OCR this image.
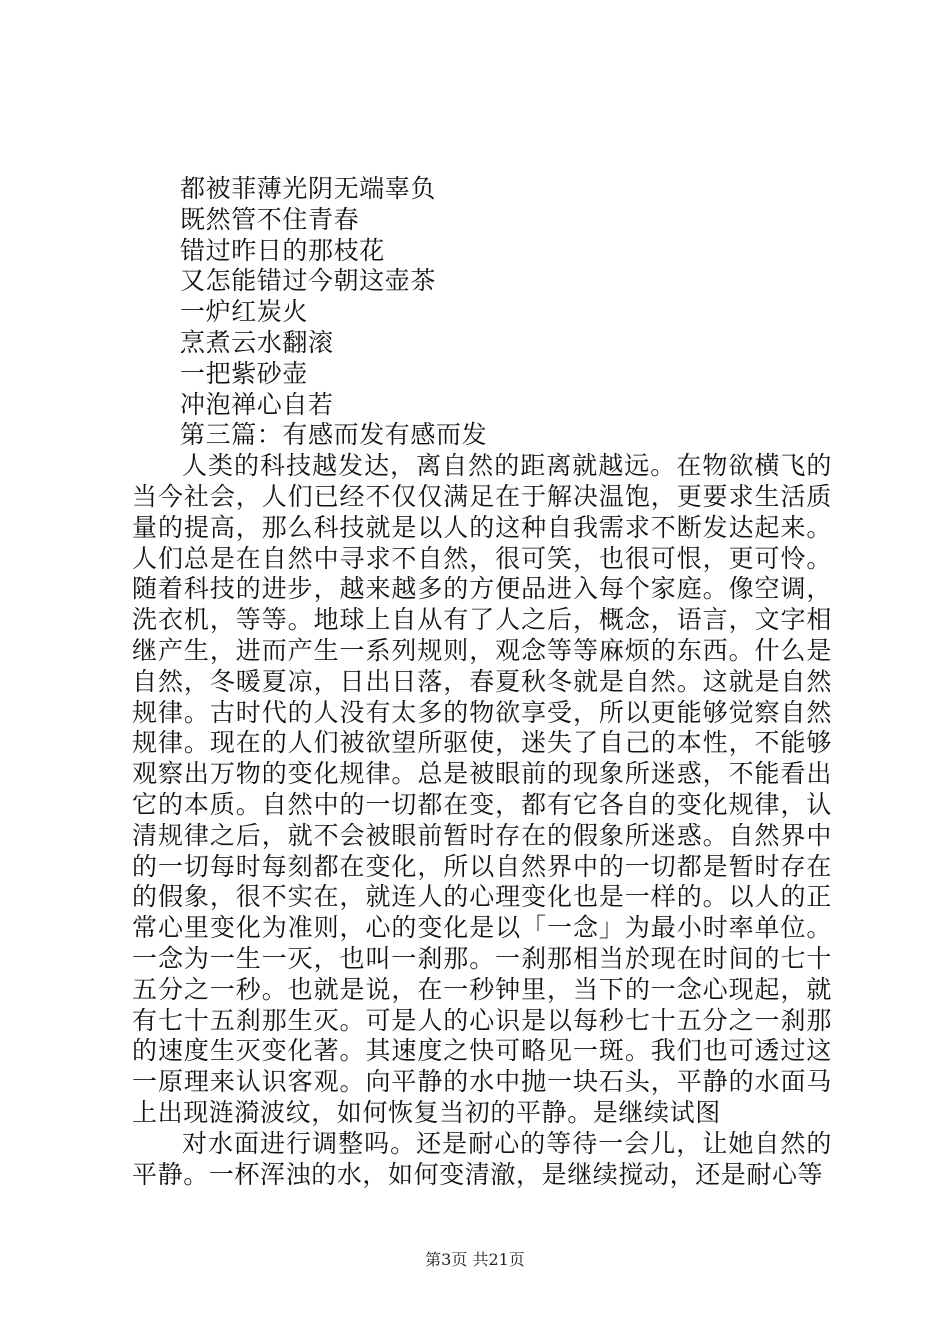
都被菲薄光阴无端辜负
既然管不住青春
错过昨日的那枝花
又怎能错过今朝这壶茶
一炉红炭火
烹煮云水翻滚
一把紫砂壶
冲泡禅心自若
第三篇：有感而发有感而发

人类的科技越发达，离自然的距离就越远。在物欲横飞的当今社会，人们已经不仅仅满足在于解决温饱，更要求生活质量的提高，那么科技就是以人的这种自我需求不断发达起来。人们总是在自然中寻求不自然，很可笑，也很可恨，更可怜。随着科技的进步，越来越多的方便品进入每个家庭。像空调，洗衣机，等等。地球上自从有了人之后，概念，语言，文字相继产生，进而产生一系列规则，观念等等麻烦的东西。什么是自然，冬暖夏凉，日出日落，春夏秋冬就是自然。这就是自然规律。古时代的人没有太多的物欲享受，所以更能够觉察自然规律。现在的人们被欲望所驱使，迷失了自己的本性，不能够观察出万物的变化规律。总是被眼前的现象所迷惑，不能看出它的本质。自然中的一切都在变，都有它各自的变化规律，认清规律之后，就不会被眼前暂时存在的假象所迷惑。自然界中的一切每时每刻都在变化，所以自然界中的一切都是暂时存在的假象，很不实在，就连人的心理变化也是一样的。以人的正常心里变化为准则，心的变化是以「一念」为最小时率单位。一念为一生一灭，也叫一刹那。一刹那相当於现在时间的七十五分之一秒。也就是说，在一秒钟里，当下的一念心现起，就有七十五刹那生灭。可是人的心识是以每秒七十五分之一刹那的速度生灭变化著。其速度之快可略见一斑。我们也可透过这一原理来认识客观。向平静的水中抛一块石头，平静的水面马上出现涟漪波纹，如何恢复当初的平静。是继续试图

对水面进行调整吗。还是耐心的等待一会儿，让她自然的平静。一杯浑浊的水，如何变清澈，是继续搅动，还是耐心等

第3页 共21页
